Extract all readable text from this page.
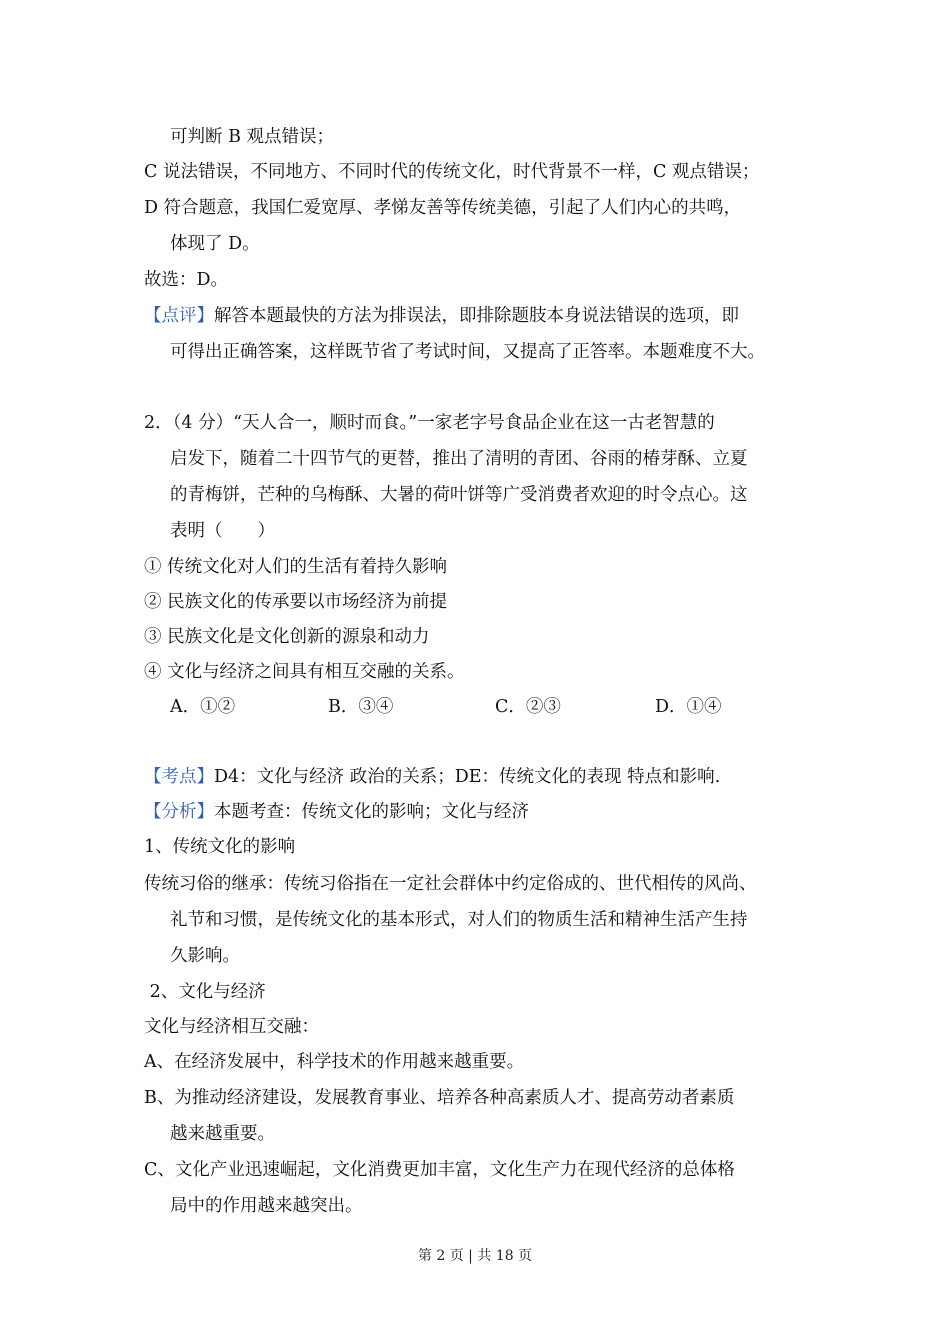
可判断 B 观点错误；
C 说法错误，不同地方、不同时代的传统文化，时代背景不一样，C 观点错误；
D 符合题意，我国仁爱宽厚、孝悌友善等传统美德，引起了人们内心的共鸣，
体现了 D。
故选：D。
【点评】解答本题最快的方法为排误法，即排除题肢本身说法错误的选项，即
可得出正确答案，这样既节省了考试时间，又提高了正答率。本题难度不大。
2．（4 分）“天人合一，顺时而食。”一家老字号食品企业在这一古老智慧的
启发下，随着二十四节气的更替，推出了清明的青团、谷雨的椿芽酥、立夏
的青梅饼，芒种的乌梅酥、大暑的荷叶饼等广受消费者欢迎的时令点心。这
表明（　　）
① 传统文化对人们的生活有着持久影响
② 民族文化的传承要以市场经济为前提
③ 民族文化是文化创新的源泉和动力
④ 文化与经济之间具有相互交融的关系。
A．①②	B．③④	C．②③	D．①④
【考点】D4：文化与经济 政治的关系；DE：传统文化的表现 特点和影响.
【分析】本题考查：传统文化的影响；文化与经济
1、传统文化的影响
传统习俗的继承：传统习俗指在一定社会群体中约定俗成的、世代相传的风尚、
礼节和习惯，是传统文化的基本形式，对人们的物质生活和精神生活产生持
久影响。
2、文化与经济
文化与经济相互交融：
A、在经济发展中，科学技术的作用越来越重要。
B、为推动经济建设，发展教育事业、培养各种高素质人才、提高劳动者素质
越来越重要。
C、文化产业迅速崛起，文化消费更加丰富，文化生产力在现代经济的总体格
局中的作用越来越突出。
第 2 页 | 共 18 页
